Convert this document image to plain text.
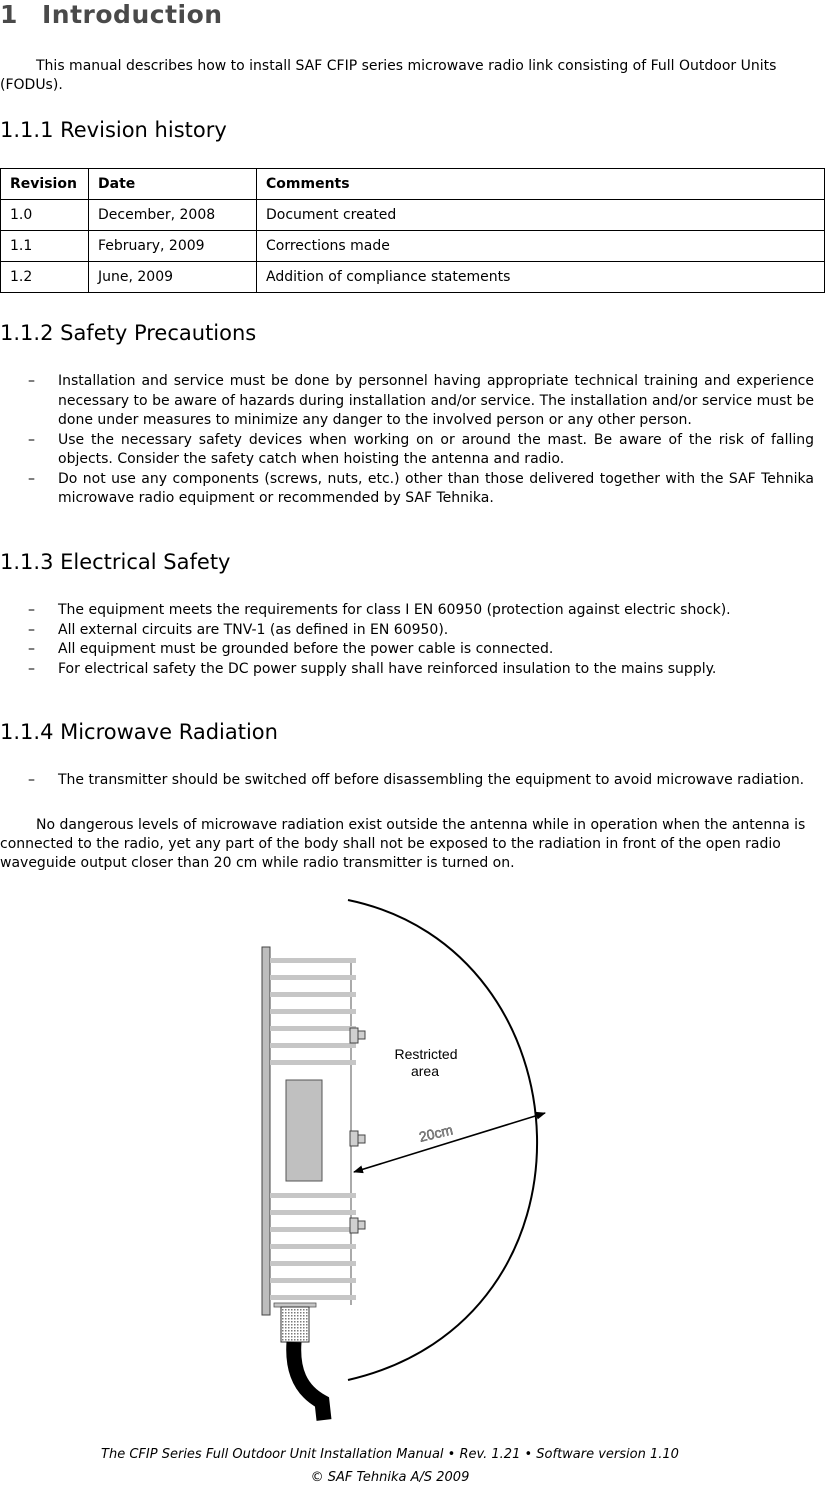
1 Introduction

This manual describes how to install SAF CFIP series microwave radio link consisting of Full Outdoor Units (FODUs).

1.1.1 Revision history
Revision	Date	Comments
1.0	December, 2008	Document created
1.1	February, 2009	Corrections made
1.2	June, 2009	Addition of compliance statements
1.1.2 Safety Precautions
– Installation and service must be done by personnel having appropriate technical training and experience necessary to be aware of hazards during installation and/or service. The installation and/or service must be done under measures to minimize any danger to the involved person or any other person.
– Use the necessary safety devices when working on or around the mast. Be aware of the risk of falling objects. Consider the safety catch when hoisting the antenna and radio.
– Do not use any components (screws, nuts, etc.) other than those delivered together with the SAF Tehnika microwave radio equipment or recommended by SAF Tehnika.
1.1.3 Electrical Safety
– The equipment meets the requirements for class I EN 60950 (protection against electric shock).
– All external circuits are TNV-1 (as defined in EN 60950).
– All equipment must be grounded before the power cable is connected.
– For electrical safety the DC power supply shall have reinforced insulation to the mains supply.
1.1.4 Microwave Radiation
– The transmitter should be switched off before disassembling the equipment to avoid microwave radiation.

No dangerous levels of microwave radiation exist outside the antenna while in operation when the antenna is connected to the radio, yet any part of the body shall not be exposed to the radiation in front of the open radio waveguide output closer than 20 cm while radio transmitter is turned on.

Restricted
area
20cm
The CFIP Series Full Outdoor Unit Installation Manual • Rev. 1.21 • Software version 1.10
© SAF Tehnika A/S 2009
